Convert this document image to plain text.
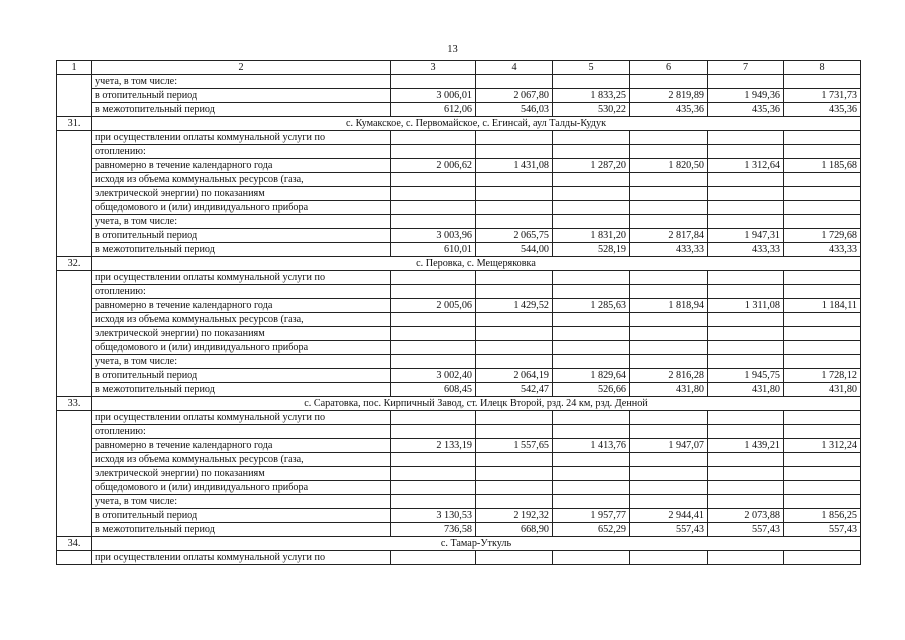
13
1	2	3	4	5	6	7	8
	учета, в том числе:						
	в отопительный период	3 006,01	2 067,80	1 833,25	2 819,89	1 949,36	1 731,73
	в межотопительный период	612,06	546,03	530,22	435,36	435,36	435,36
31.	с. Кумакское, с. Первомайское, с. Егинсай, аул Талды-Кудук						
	при осуществлении оплаты коммунальной услуги по						
	отоплению:						
	равномерно в течение календарного года	2 006,62	1 431,08	1 287,20	1 820,50	1 312,64	1 185,68
	исходя из объема коммунальных ресурсов (газа,						
	электрической энергии) по показаниям						
	общедомового и (или) индивидуального прибора						
	учета, в том числе:						
	в отопительный период	3 003,96	2 065,75	1 831,20	2 817,84	1 947,31	1 729,68
	в межотопительный период	610,01	544,00	528,19	433,33	433,33	433,33
32.	с. Перовка, с. Мещеряковка						
	при осуществлении оплаты коммунальной услуги по						
	отоплению:						
	равномерно в течение календарного года	2 005,06	1 429,52	1 285,63	1 818,94	1 311,08	1 184,11
	исходя из объема коммунальных ресурсов (газа,						
	электрической энергии) по показаниям						
	общедомового и (или) индивидуального прибора						
	учета, в том числе:						
	в отопительный период	3 002,40	2 064,19	1 829,64	2 816,28	1 945,75	1 728,12
	в межотопительный период	608,45	542,47	526,66	431,80	431,80	431,80
33.	с. Саратовка, пос. Кирпичный Завод, ст. Илецк Второй, рзд. 24 км, рзд. Денной						
	при осуществлении оплаты коммунальной услуги по						
	отоплению:						
	равномерно в течение календарного года	2 133,19	1 557,65	1 413,76	1 947,07	1 439,21	1 312,24
	исходя из объема коммунальных ресурсов (газа,						
	электрической энергии) по показаниям						
	общедомового и (или) индивидуального прибора						
	учета, в том числе:						
	в отопительный период	3 130,53	2 192,32	1 957,77	2 944,41	2 073,88	1 856,25
	в межотопительный период	736,58	668,90	652,29	557,43	557,43	557,43
34.	с. Тамар-Уткуль						
	при осуществлении оплаты коммунальной услуги по						
